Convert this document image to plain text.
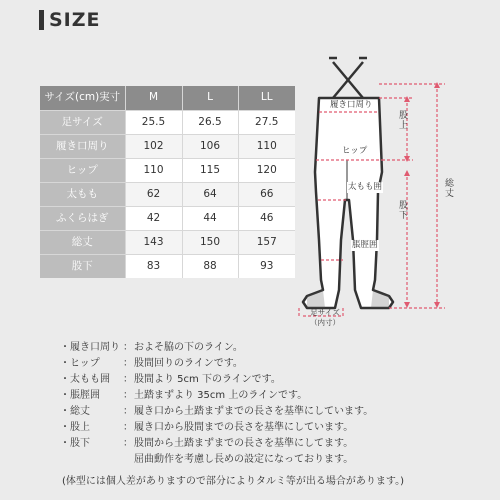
SIZE
サイズ(cm)実寸	M	L	LL
足サイズ	25.5	26.5	27.5
履き口周り	102	106	110
ヒップ	110	115	120
太もも	62	64	66
ふくらはぎ	42	44	46
総丈	143	150	157
股下	83	88	93
履き口周り
ヒップ
太もも囲
脹脛囲
股上
股下
総丈
足サイズ
（内寸）
・履き口周り ： およそ脇の下のライン。
・ヒップ	： 股間回りのラインです。
・太もも囲	： 股間より 5cm 下のラインです。
・脹脛囲	： 土踏まずより 35cm 上のラインです。
・総丈	： 履き口から土踏まずまでの長さを基準にしています。
・股上	： 履き口から股間までの長さを基準にしています。
・股下	： 股間から土踏まずまでの長さを基準にしてます。
屈曲動作を考慮し長めの設定になっております。
(体型には個人差がありますので部分によりタルミ等が出る場合があります。)
